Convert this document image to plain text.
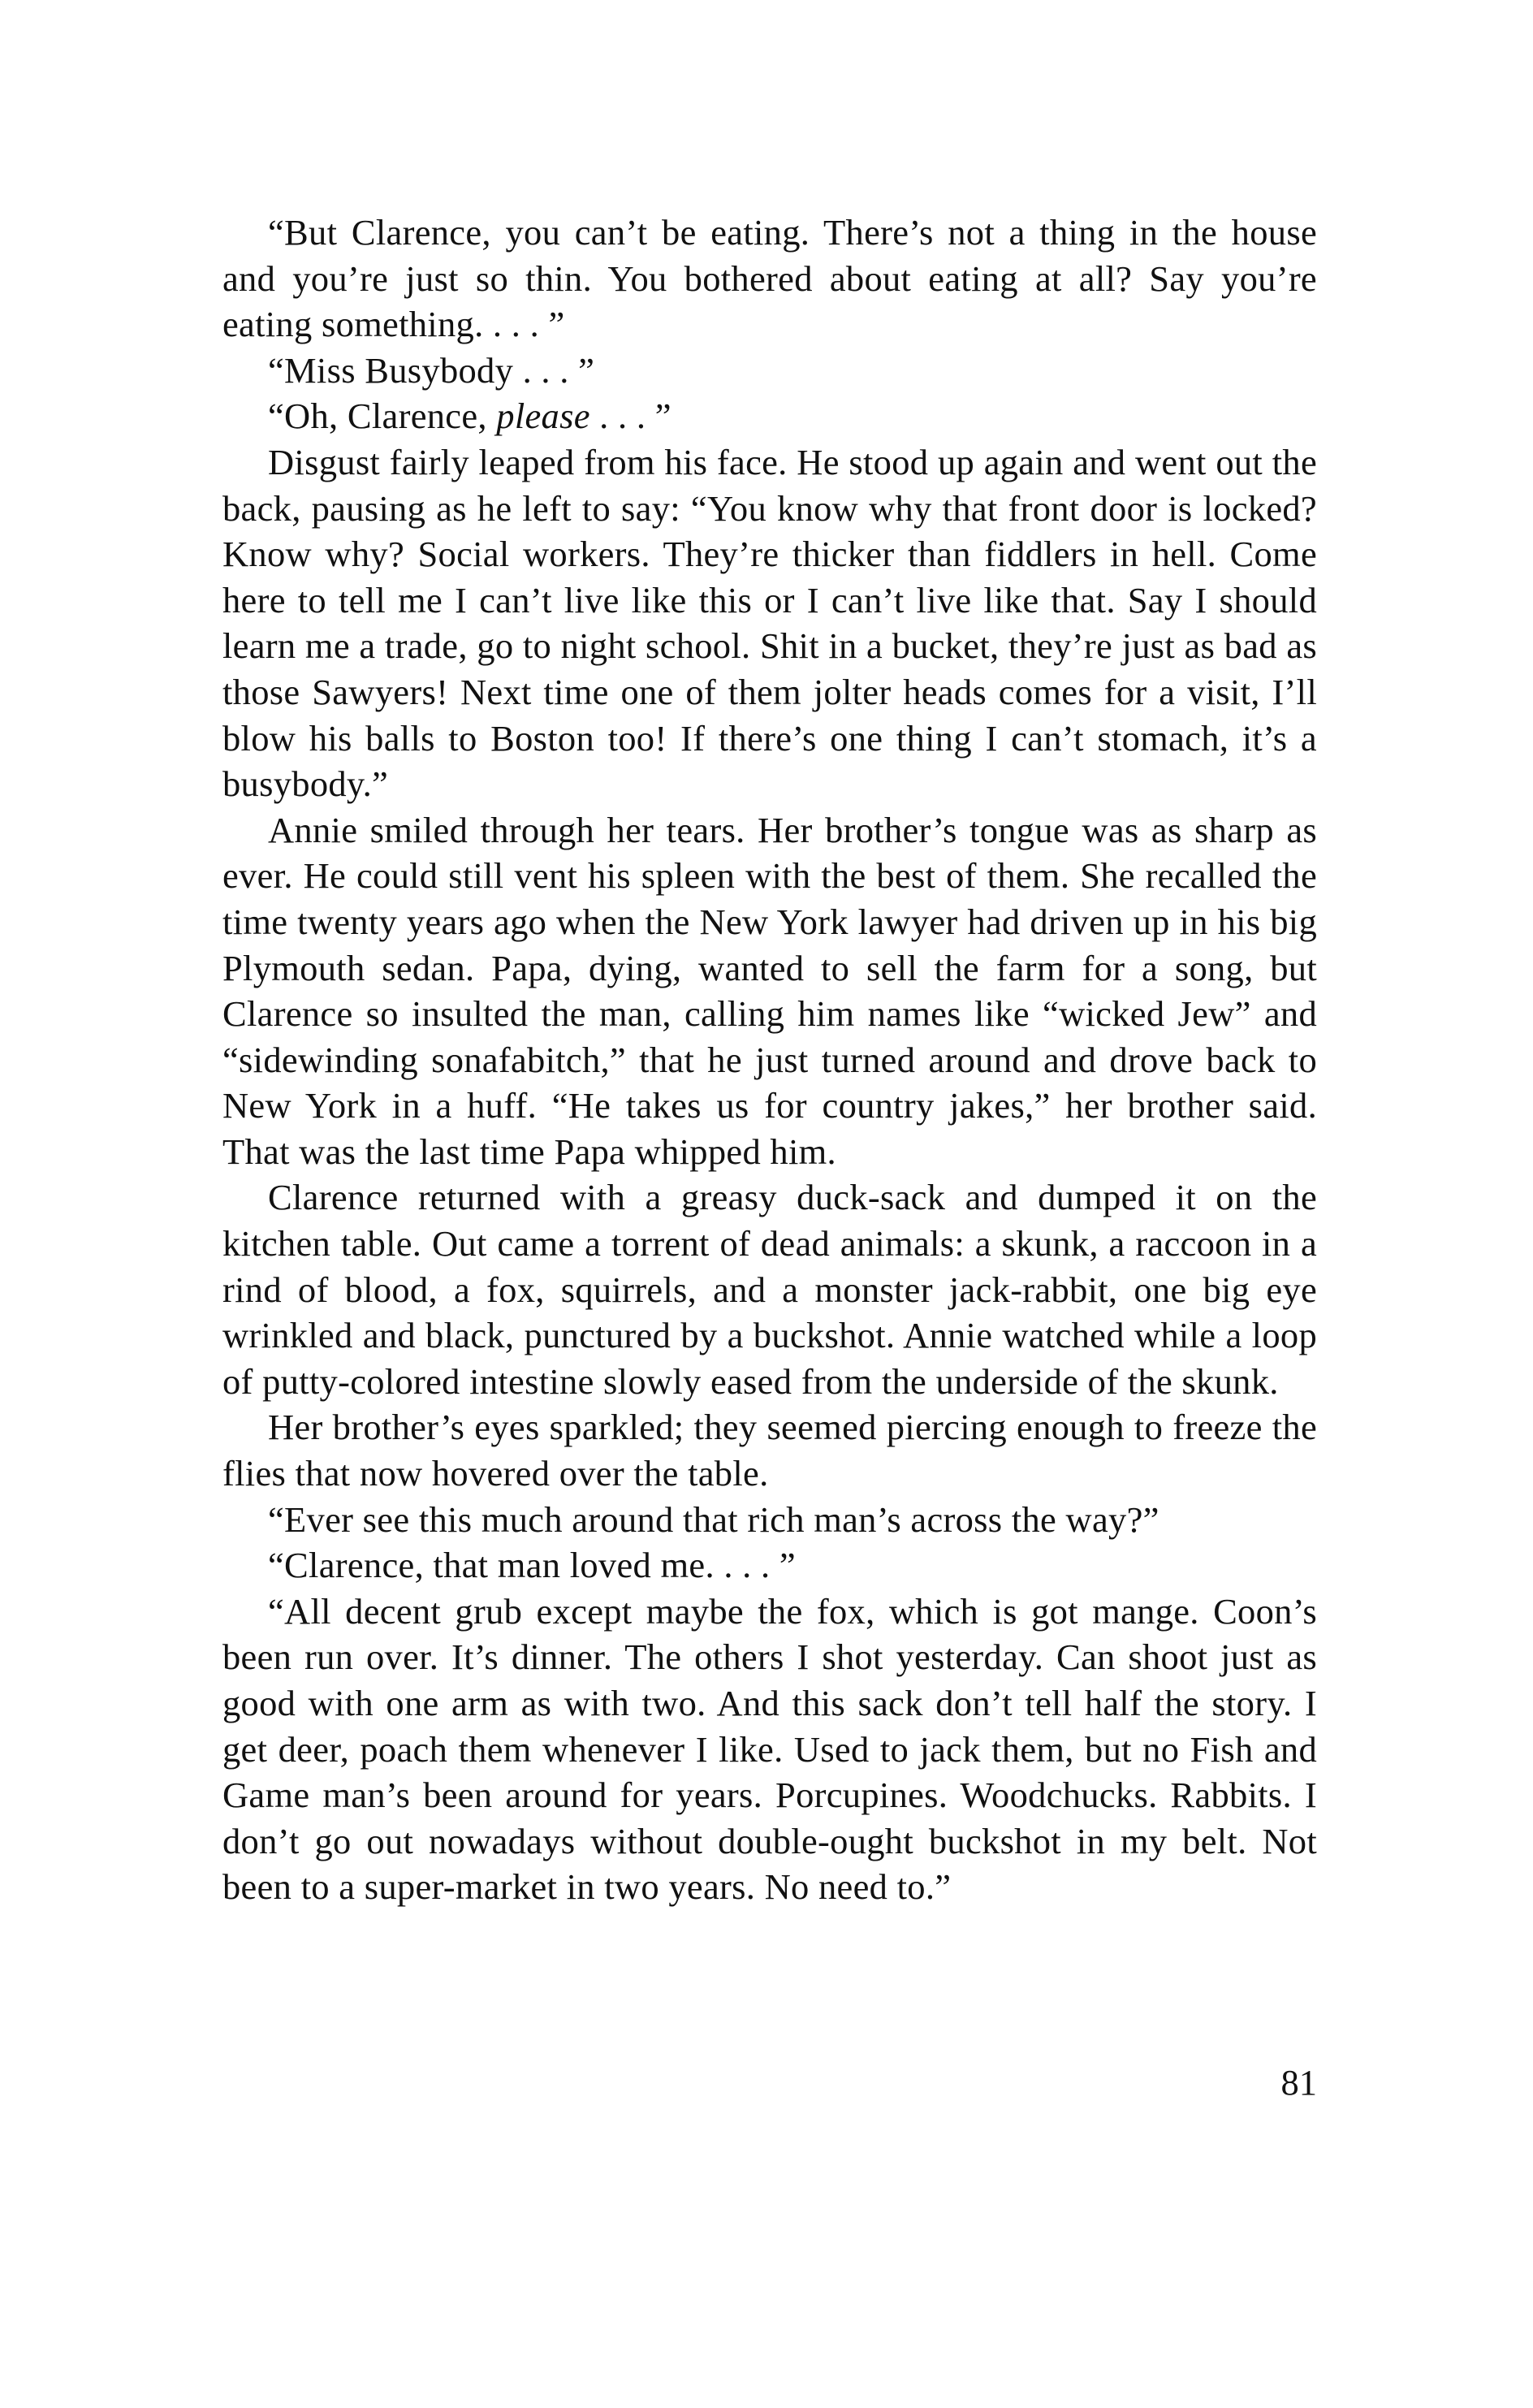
“But Clarence, you can’t be eating. There’s not a thing in the house and you’re just so thin. You bothered about eating at all? Say you’re eating something. . . . ”

“Miss Busybody . . . ”

“Oh, Clarence, please . . . ”

Disgust fairly leaped from his face. He stood up again and went out the back, pausing as he left to say: “You know why that front door is locked? Know why? Social workers. They’re thicker than fiddlers in hell. Come here to tell me I can’t live like this or I can’t live like that. Say I should learn me a trade, go to night school. Shit in a bucket, they’re just as bad as those Sawyers! Next time one of them jolter heads comes for a visit, I’ll blow his balls to Boston too! If there’s one thing I can’t stomach, it’s a busybody.”

Annie smiled through her tears. Her brother’s tongue was as sharp as ever. He could still vent his spleen with the best of them. She recalled the time twenty years ago when the New York lawyer had driven up in his big Plymouth sedan. Papa, dying, wanted to sell the farm for a song, but Clarence so insulted the man, calling him names like “wicked Jew” and “sidewinding sonafabitch,” that he just turned around and drove back to New York in a huff. “He takes us for country jakes,” her brother said. That was the last time Papa whipped him.

Clarence returned with a greasy duck-sack and dumped it on the kitchen table. Out came a torrent of dead animals: a skunk, a raccoon in a rind of blood, a fox, squirrels, and a monster jack-rabbit, one big eye wrinkled and black, punctured by a buckshot. Annie watched while a loop of putty-colored intestine slowly eased from the underside of the skunk.

Her brother’s eyes sparkled; they seemed piercing enough to freeze the flies that now hovered over the table.

“Ever see this much around that rich man’s across the way?”

“Clarence, that man loved me. . . . ”

“All decent grub except maybe the fox, which is got mange. Coon’s been run over. It’s dinner. The others I shot yesterday. Can shoot just as good with one arm as with two. And this sack don’t tell half the story. I get deer, poach them whenever I like. Used to jack them, but no Fish and Game man’s been around for years. Porcupines. Woodchucks. Rabbits. I don’t go out nowadays without double-ought buckshot in my belt. Not been to a super-market in two years. No need to.”

81
